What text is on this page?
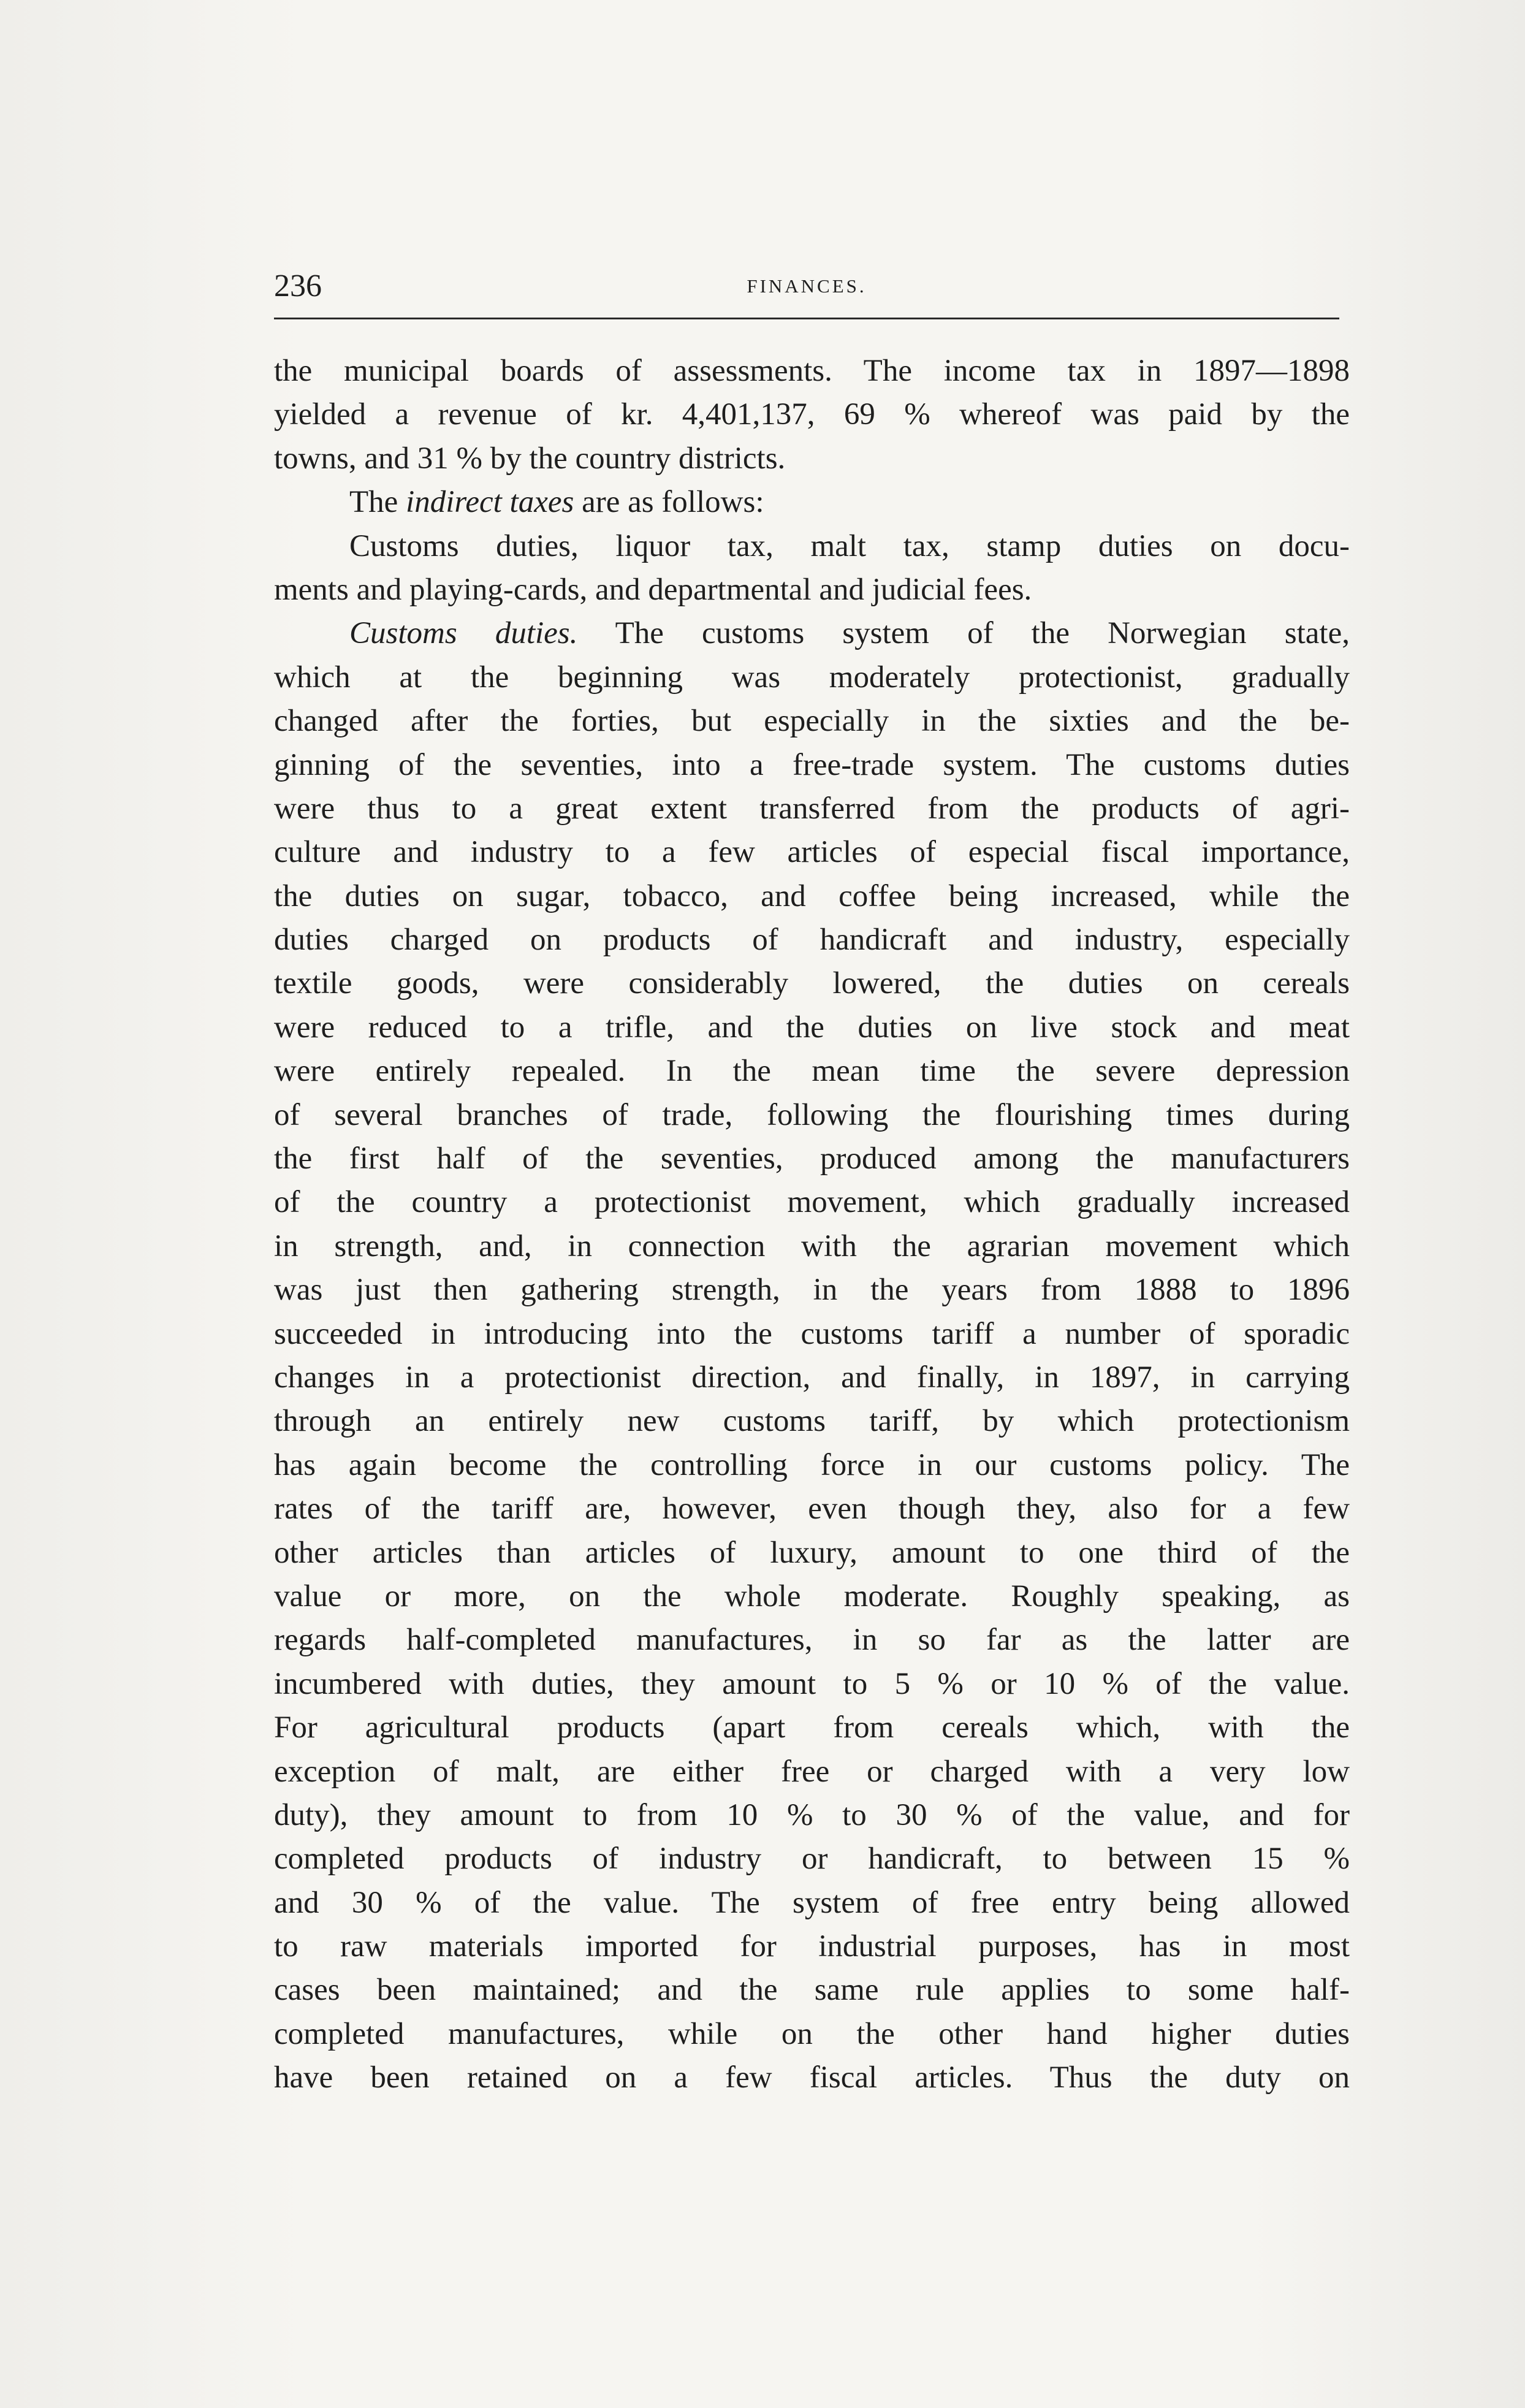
236	FINANCES.
the municipal boards of assessments. The income tax in 1897—1898
yielded a revenue of kr. 4,401,137, 69 % whereof was paid by the
towns, and 31 % by the country districts.
The indirect taxes are as follows:
Customs duties, liquor tax, malt tax, stamp duties on docu-
ments and playing-cards, and departmental and judicial fees.
Customs duties. The customs system of the Norwegian state,
which at the beginning was moderately protectionist, gradually
changed after the forties, but especially in the sixties and the be-
ginning of the seventies, into a free-trade system. The customs duties
were thus to a great extent transferred from the products of agri-
culture and industry to a few articles of especial fiscal importance,
the duties on sugar, tobacco, and coffee being increased, while the
duties charged on products of handicraft and industry, especially
textile goods, were considerably lowered, the duties on cereals
were reduced to a trifle, and the duties on live stock and meat
were entirely repealed. In the mean time the severe depression
of several branches of trade, following the flourishing times during
the first half of the seventies, produced among the manufacturers
of the country a protectionist movement, which gradually increased
in strength, and, in connection with the agrarian movement which
was just then gathering strength, in the years from 1888 to 1896
succeeded in introducing into the customs tariff a number of sporadic
changes in a protectionist direction, and finally, in 1897, in carrying
through an entirely new customs tariff, by which protectionism
has again become the controlling force in our customs policy. The
rates of the tariff are, however, even though they, also for a few
other articles than articles of luxury, amount to one third of the
value or more, on the whole moderate. Roughly speaking, as
regards half-completed manufactures, in so far as the latter are
incumbered with duties, they amount to 5 % or 10 % of the value.
For agricultural products (apart from cereals which, with the
exception of malt, are either free or charged with a very low
duty), they amount to from 10 % to 30 % of the value, and for
completed products of industry or handicraft, to between 15 %
and 30 % of the value. The system of free entry being allowed
to raw materials imported for industrial purposes, has in most
cases been maintained; and the same rule applies to some half-
completed manufactures, while on the other hand higher duties
have been retained on a few fiscal articles. Thus the duty on
